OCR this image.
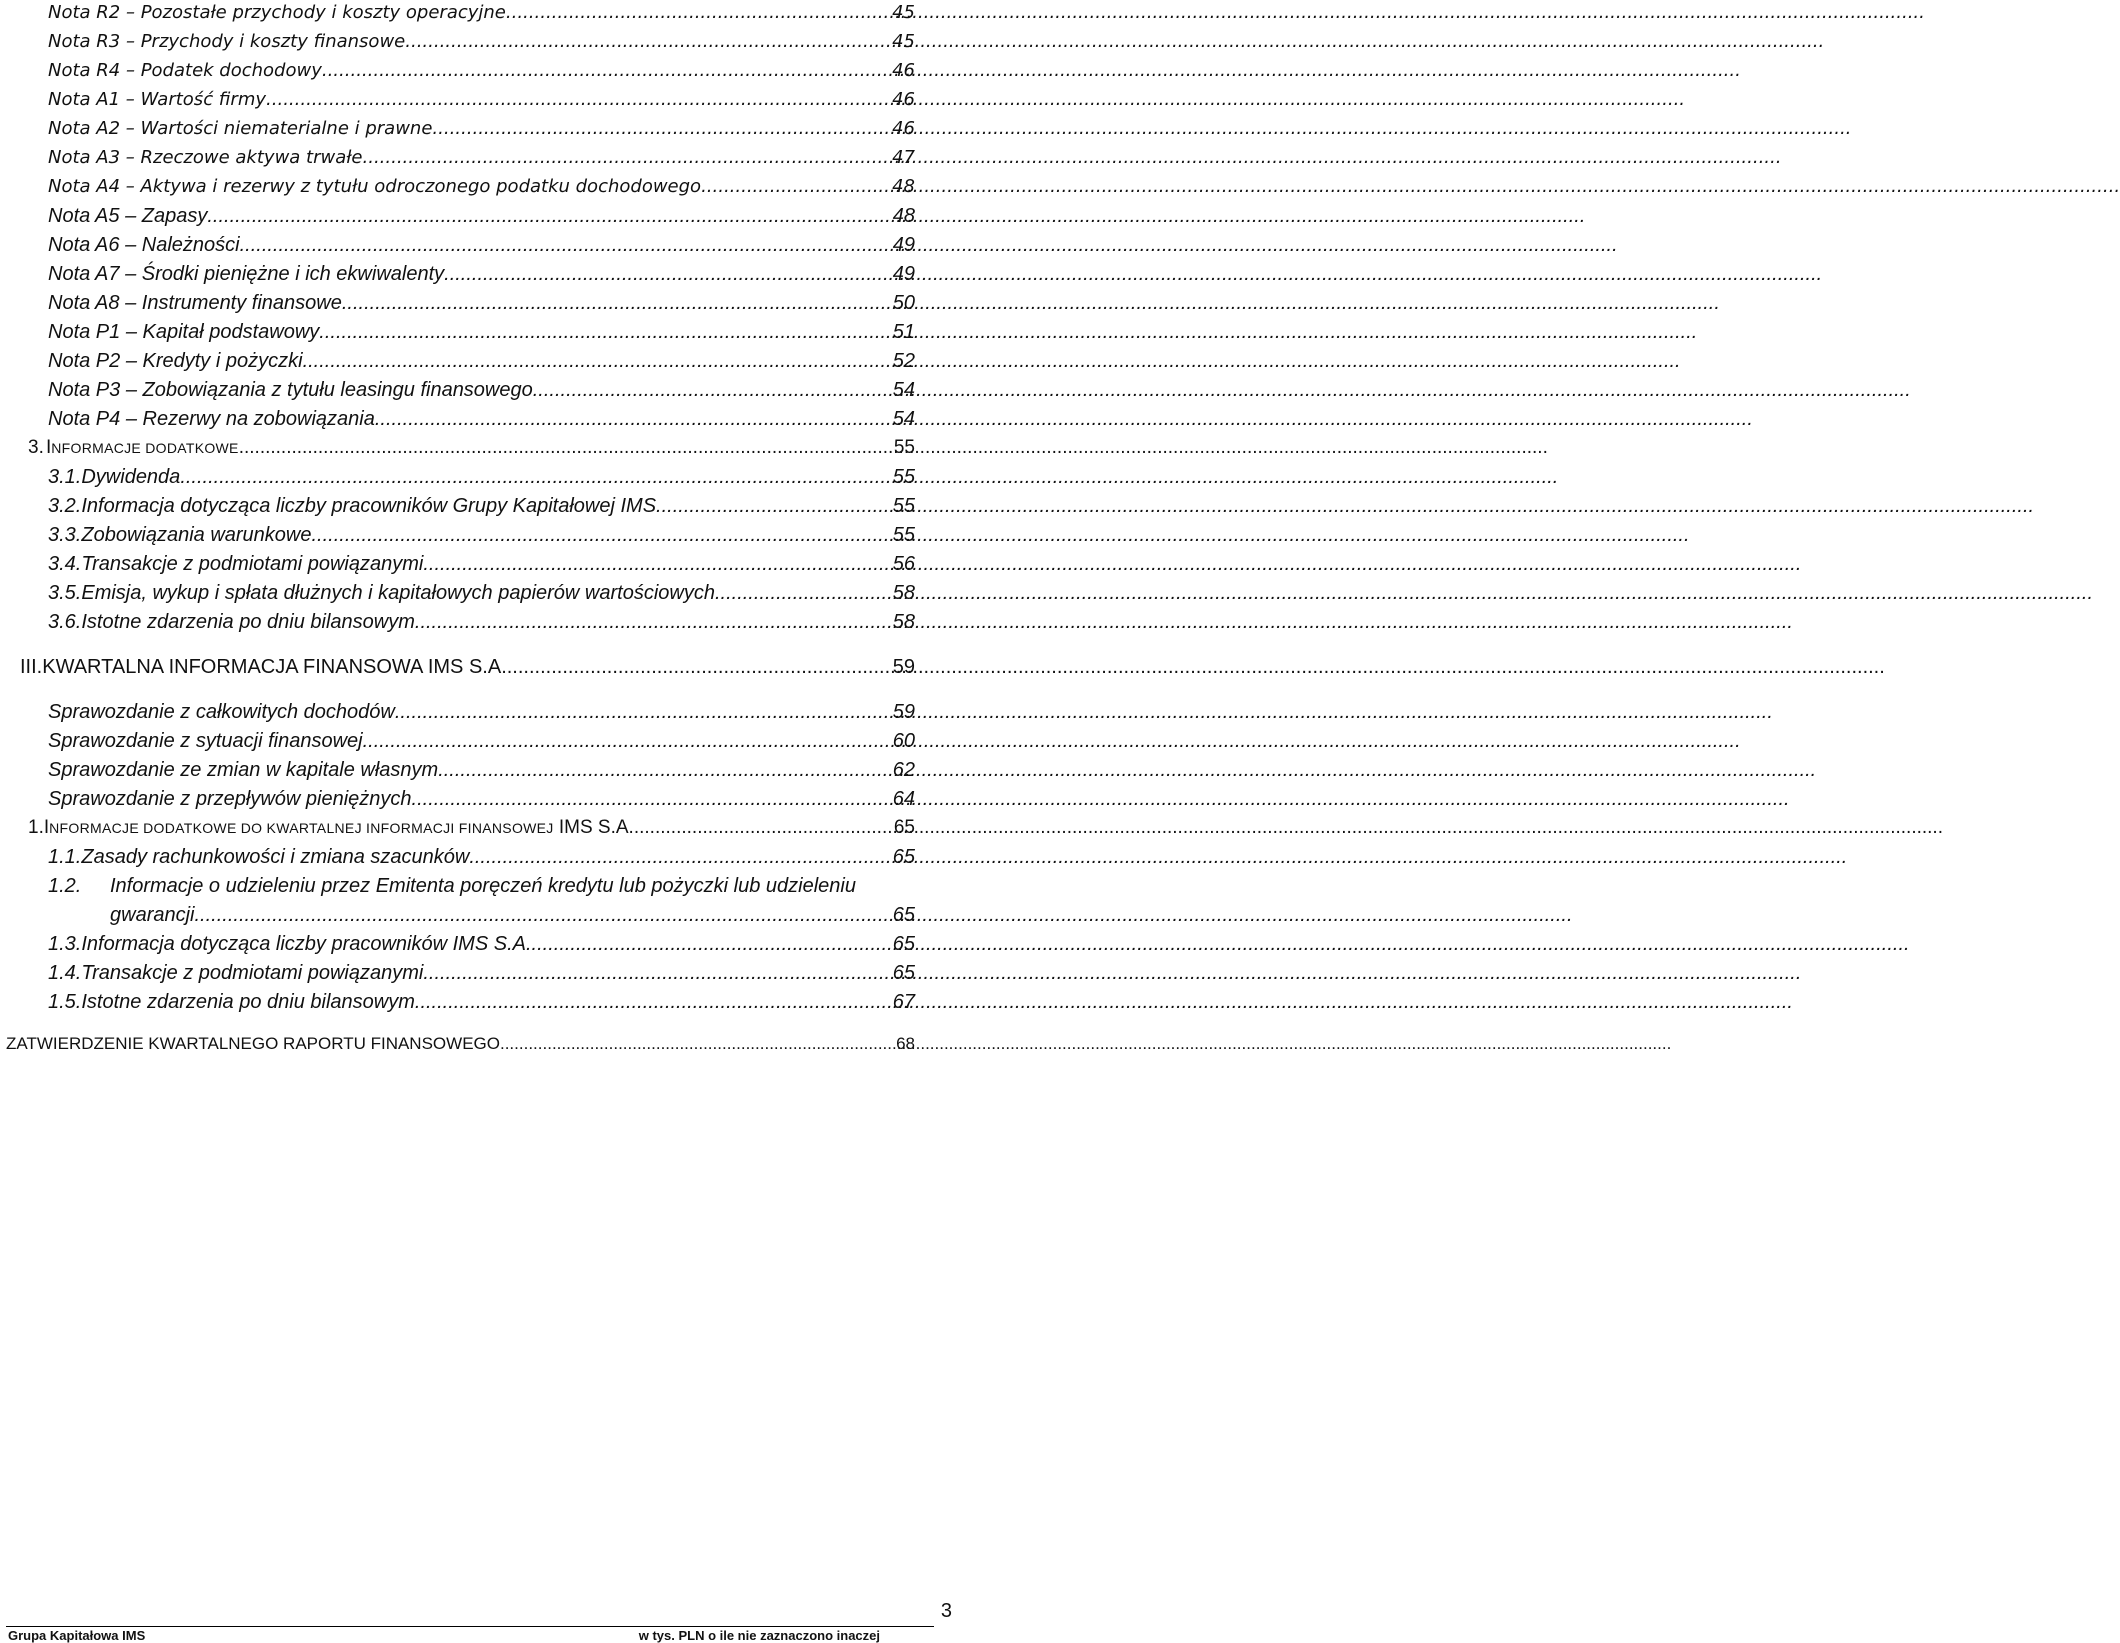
Nota R2 – Pozostałe przychody i koszty operacyjne .....	45
Nota R3 – Przychody i koszty finansowe .....	45
Nota R4 – Podatek dochodowy .....	46
Nota A1 – Wartość firmy .....	46
Nota A2 – Wartości niematerialne i prawne .....	46
Nota A3 – Rzeczowe aktywa trwałe .....	47
Nota A4 – Aktywa i rezerwy z tytułu odroczonego podatku dochodowego .....	48
Nota A5 – Zapasy .....	48
Nota A6 – Należności .....	49
Nota A7 – Środki pieniężne i ich ekwiwalenty .....	49
Nota A8 – Instrumenty finansowe .....	50
Nota P1 – Kapitał podstawowy .....	51
Nota P2 – Kredyty i pożyczki .....	52
Nota P3 – Zobowiązania z tytułu leasingu finansowego .....	54
Nota P4 – Rezerwy na zobowiązania .....	54
3. INFORMACJE DODATKOWE .....	55
3.1. Dywidenda .....	55
3.2. Informacja dotycząca liczby pracowników Grupy Kapitałowej IMS .....	55
3.3. Zobowiązania warunkowe .....	55
3.4. Transakcje z podmiotami powiązanymi .....	56
3.5. Emisja, wykup i spłata dłużnych i kapitałowych papierów wartościowych .....	58
3.6. Istotne zdarzenia po dniu bilansowym .....	58
III. KWARTALNA INFORMACJA FINANSOWA IMS S.A. .....	59
Sprawozdanie z całkowitych dochodów .....	59
Sprawozdanie z sytuacji finansowej .....	60
Sprawozdanie ze zmian w kapitale własnym .....	62
Sprawozdanie z przepływów pieniężnych .....	64
1. INFORMACJE DODATKOWE DO KWARTALNEJ INFORMACJI FINANSOWEJ IMS S.A. .....	65
1.1. Zasady rachunkowości i zmiana szacunków .....	65
1.2.	Informacje o udzieleniu przez Emitenta poręczeń kredytu lub pożyczki lub udzieleniu
gwarancji .....	65
1.3. Informacja dotycząca liczby pracowników IMS S.A. .....	65
1.4. Transakcje z podmiotami powiązanymi .....	65
1.5. Istotne zdarzenia po dniu bilansowym .....	67
ZATWIERDZENIE KWARTALNEGO RAPORTU FINANSOWEGO .....	68
3
Grupa Kapitałowa IMS	w tys. PLN o ile nie zaznaczono inaczej
